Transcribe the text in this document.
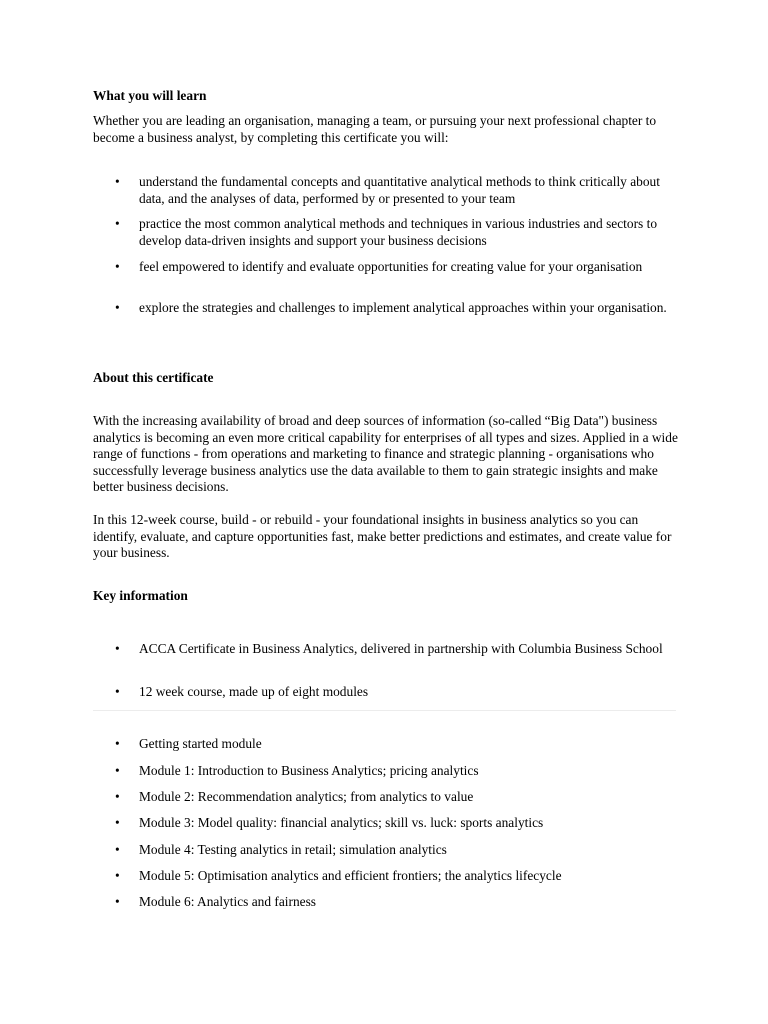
What you will learn

Whether you are leading an organisation, managing a team, or pursuing your next professional chapter to become a business analyst, by completing this certificate you will:

• understand the fundamental concepts and quantitative analytical methods to think critically about data, and the analyses of data, performed by or presented to your team
• practice the most common analytical methods and techniques in various industries and sectors to develop data-driven insights and support your business decisions
• feel empowered to identify and evaluate opportunities for creating value for your organisation
• explore the strategies and challenges to implement analytical approaches within your organisation.
About this certificate

With the increasing availability of broad and deep sources of information (so-called “Big Data") business analytics is becoming an even more critical capability for enterprises of all types and sizes. Applied in a wide range of functions - from operations and marketing to finance and strategic planning - organisations who successfully leverage business analytics use the data available to them to gain strategic insights and make better business decisions.

In this 12-week course, build - or rebuild - your foundational insights in business analytics so you can identify, evaluate, and capture opportunities fast, make better predictions and estimates, and create value for your business.

Key information
• ACCA Certificate in Business Analytics, delivered in partnership with Columbia Business School
• 12 week course, made up of eight modules
• Getting started module
• Module 1: Introduction to Business Analytics; pricing analytics
• Module 2: Recommendation analytics; from analytics to value
• Module 3: Model quality: financial analytics; skill vs. luck: sports analytics
• Module 4: Testing analytics in retail; simulation analytics
• Module 5: Optimisation analytics and efficient frontiers; the analytics lifecycle
• Module 6: Analytics and fairness
